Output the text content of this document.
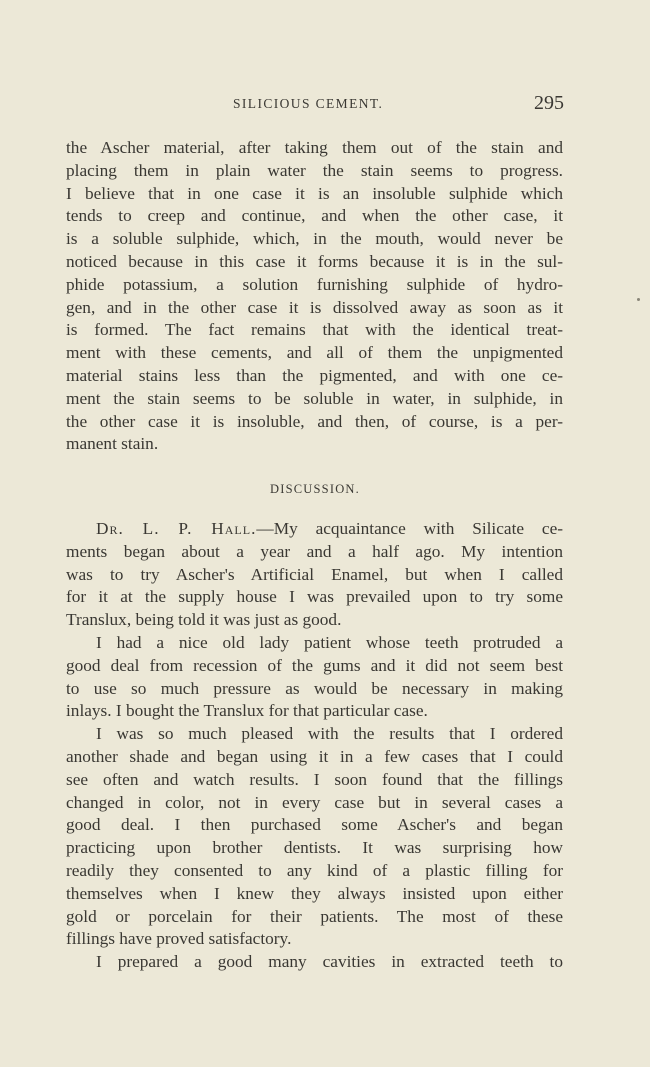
SILICIOUS CEMENT.	295
the Ascher material, after taking them out of the stain and
placing them in plain water the stain seems to progress.
I believe that in one case it is an insoluble sulphide which
tends to creep and continue, and when the other case, it
is a soluble sulphide, which, in the mouth, would never be
noticed because in this case it forms because it is in the sul-
phide potassium, a solution furnishing sulphide of hydro-
gen, and in the other case it is dissolved away as soon as it
is formed. The fact remains that with the identical treat-
ment with these cements, and all of them the unpigmented
material stains less than the pigmented, and with one ce-
ment the stain seems to be soluble in water, in sulphide, in
the other case it is insoluble, and then, of course, is a per-
manent stain.
DISCUSSION.
Dr. L. P. Hall.—My acquaintance with Silicate ce-
ments began about a year and a half ago. My intention
was to try Ascher's Artificial Enamel, but when I called
for it at the supply house I was prevailed upon to try some
Translux, being told it was just as good.
I had a nice old lady patient whose teeth protruded a
good deal from recession of the gums and it did not seem best
to use so much pressure as would be necessary in making
inlays. I bought the Translux for that particular case.
I was so much pleased with the results that I ordered
another shade and began using it in a few cases that I could
see often and watch results. I soon found that the fillings
changed in color, not in every case but in several cases a
good deal. I then purchased some Ascher's and began
practicing upon brother dentists. It was surprising how
readily they consented to any kind of a plastic filling for
themselves when I knew they always insisted upon either
gold or porcelain for their patients. The most of these
fillings have proved satisfactory.
I prepared a good many cavities in extracted teeth to
